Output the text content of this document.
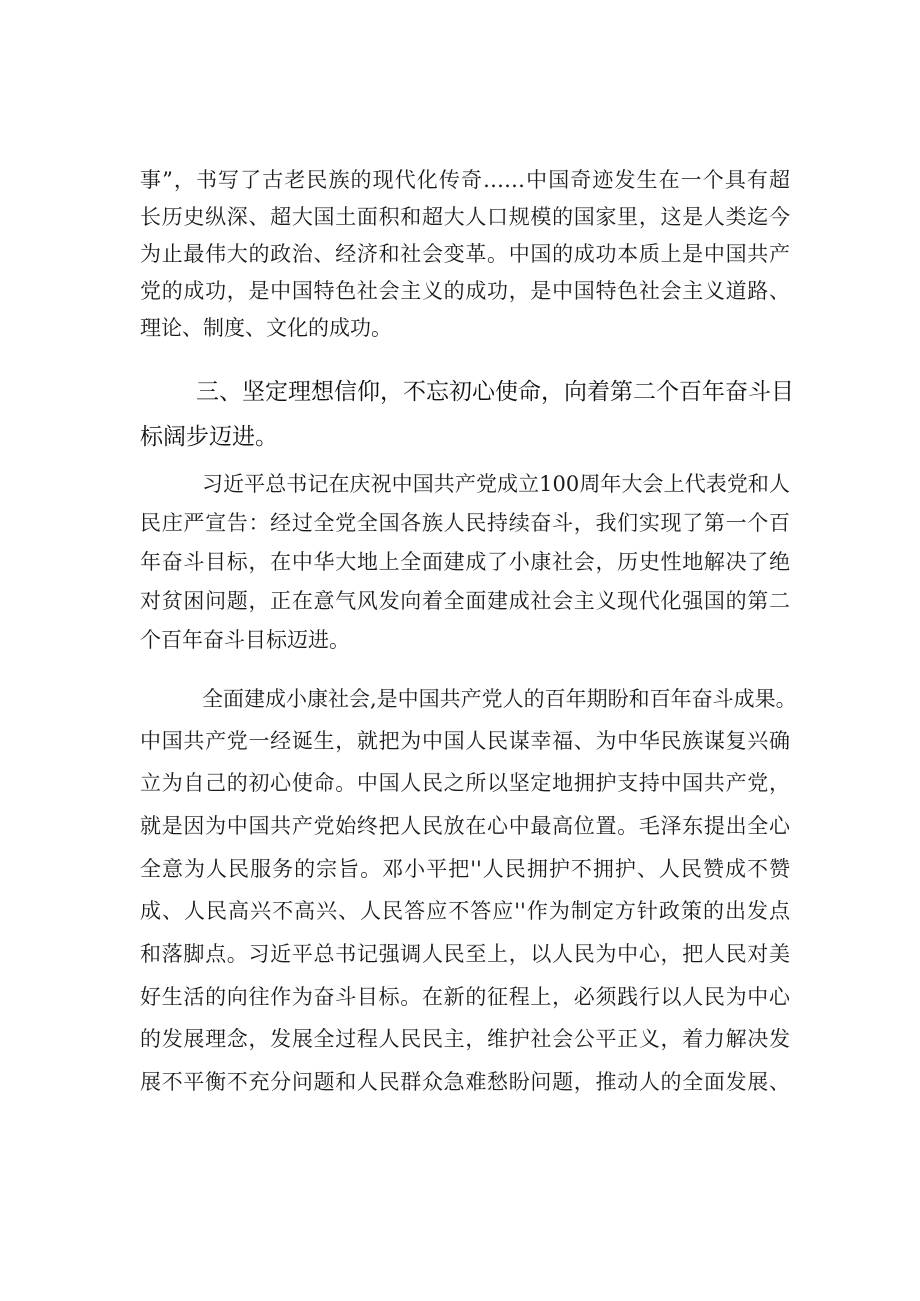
事”，书写了古老民族的现代化传奇……中国奇迹发生在一个具有超
长历史纵深、超大国土面积和超大人口规模的国家里，这是人类迄今
为止最伟大的政治、经济和社会变革。中国的成功本质上是中国共产
党的成功，是中国特色社会主义的成功，是中国特色社会主义道路、
理论、制度、文化的成功。
三、坚定理想信仰，不忘初心使命，向着第二个百年奋斗目
标阔步迈进。
习近平总书记在庆祝中国共产党成立100周年大会上代表党和人
民庄严宣告：经过全党全国各族人民持续奋斗，我们实现了第一个百
年奋斗目标，在中华大地上全面建成了小康社会，历史性地解决了绝
对贫困问题，正在意气风发向着全面建成社会主义现代化强国的第二
个百年奋斗目标迈进。
全面建成小康社会,是中国共产党人的百年期盼和百年奋斗成果。
中国共产党一经诞生，就把为中国人民谋幸福、为中华民族谋复兴确
立为自己的初心使命。中国人民之所以坚定地拥护支持中国共产党，
就是因为中国共产党始终把人民放在心中最高位置。毛泽东提出全心
全意为人民服务的宗旨。邓小平把''人民拥护不拥护、人民赞成不赞
成、人民高兴不高兴、人民答应不答应''作为制定方针政策的出发点
和落脚点。习近平总书记强调人民至上，以人民为中心，把人民对美
好生活的向往作为奋斗目标。在新的征程上，必须践行以人民为中心
的发展理念，发展全过程人民民主，维护社会公平正义，着力解决发
展不平衡不充分问题和人民群众急难愁盼问题，推动人的全面发展、
